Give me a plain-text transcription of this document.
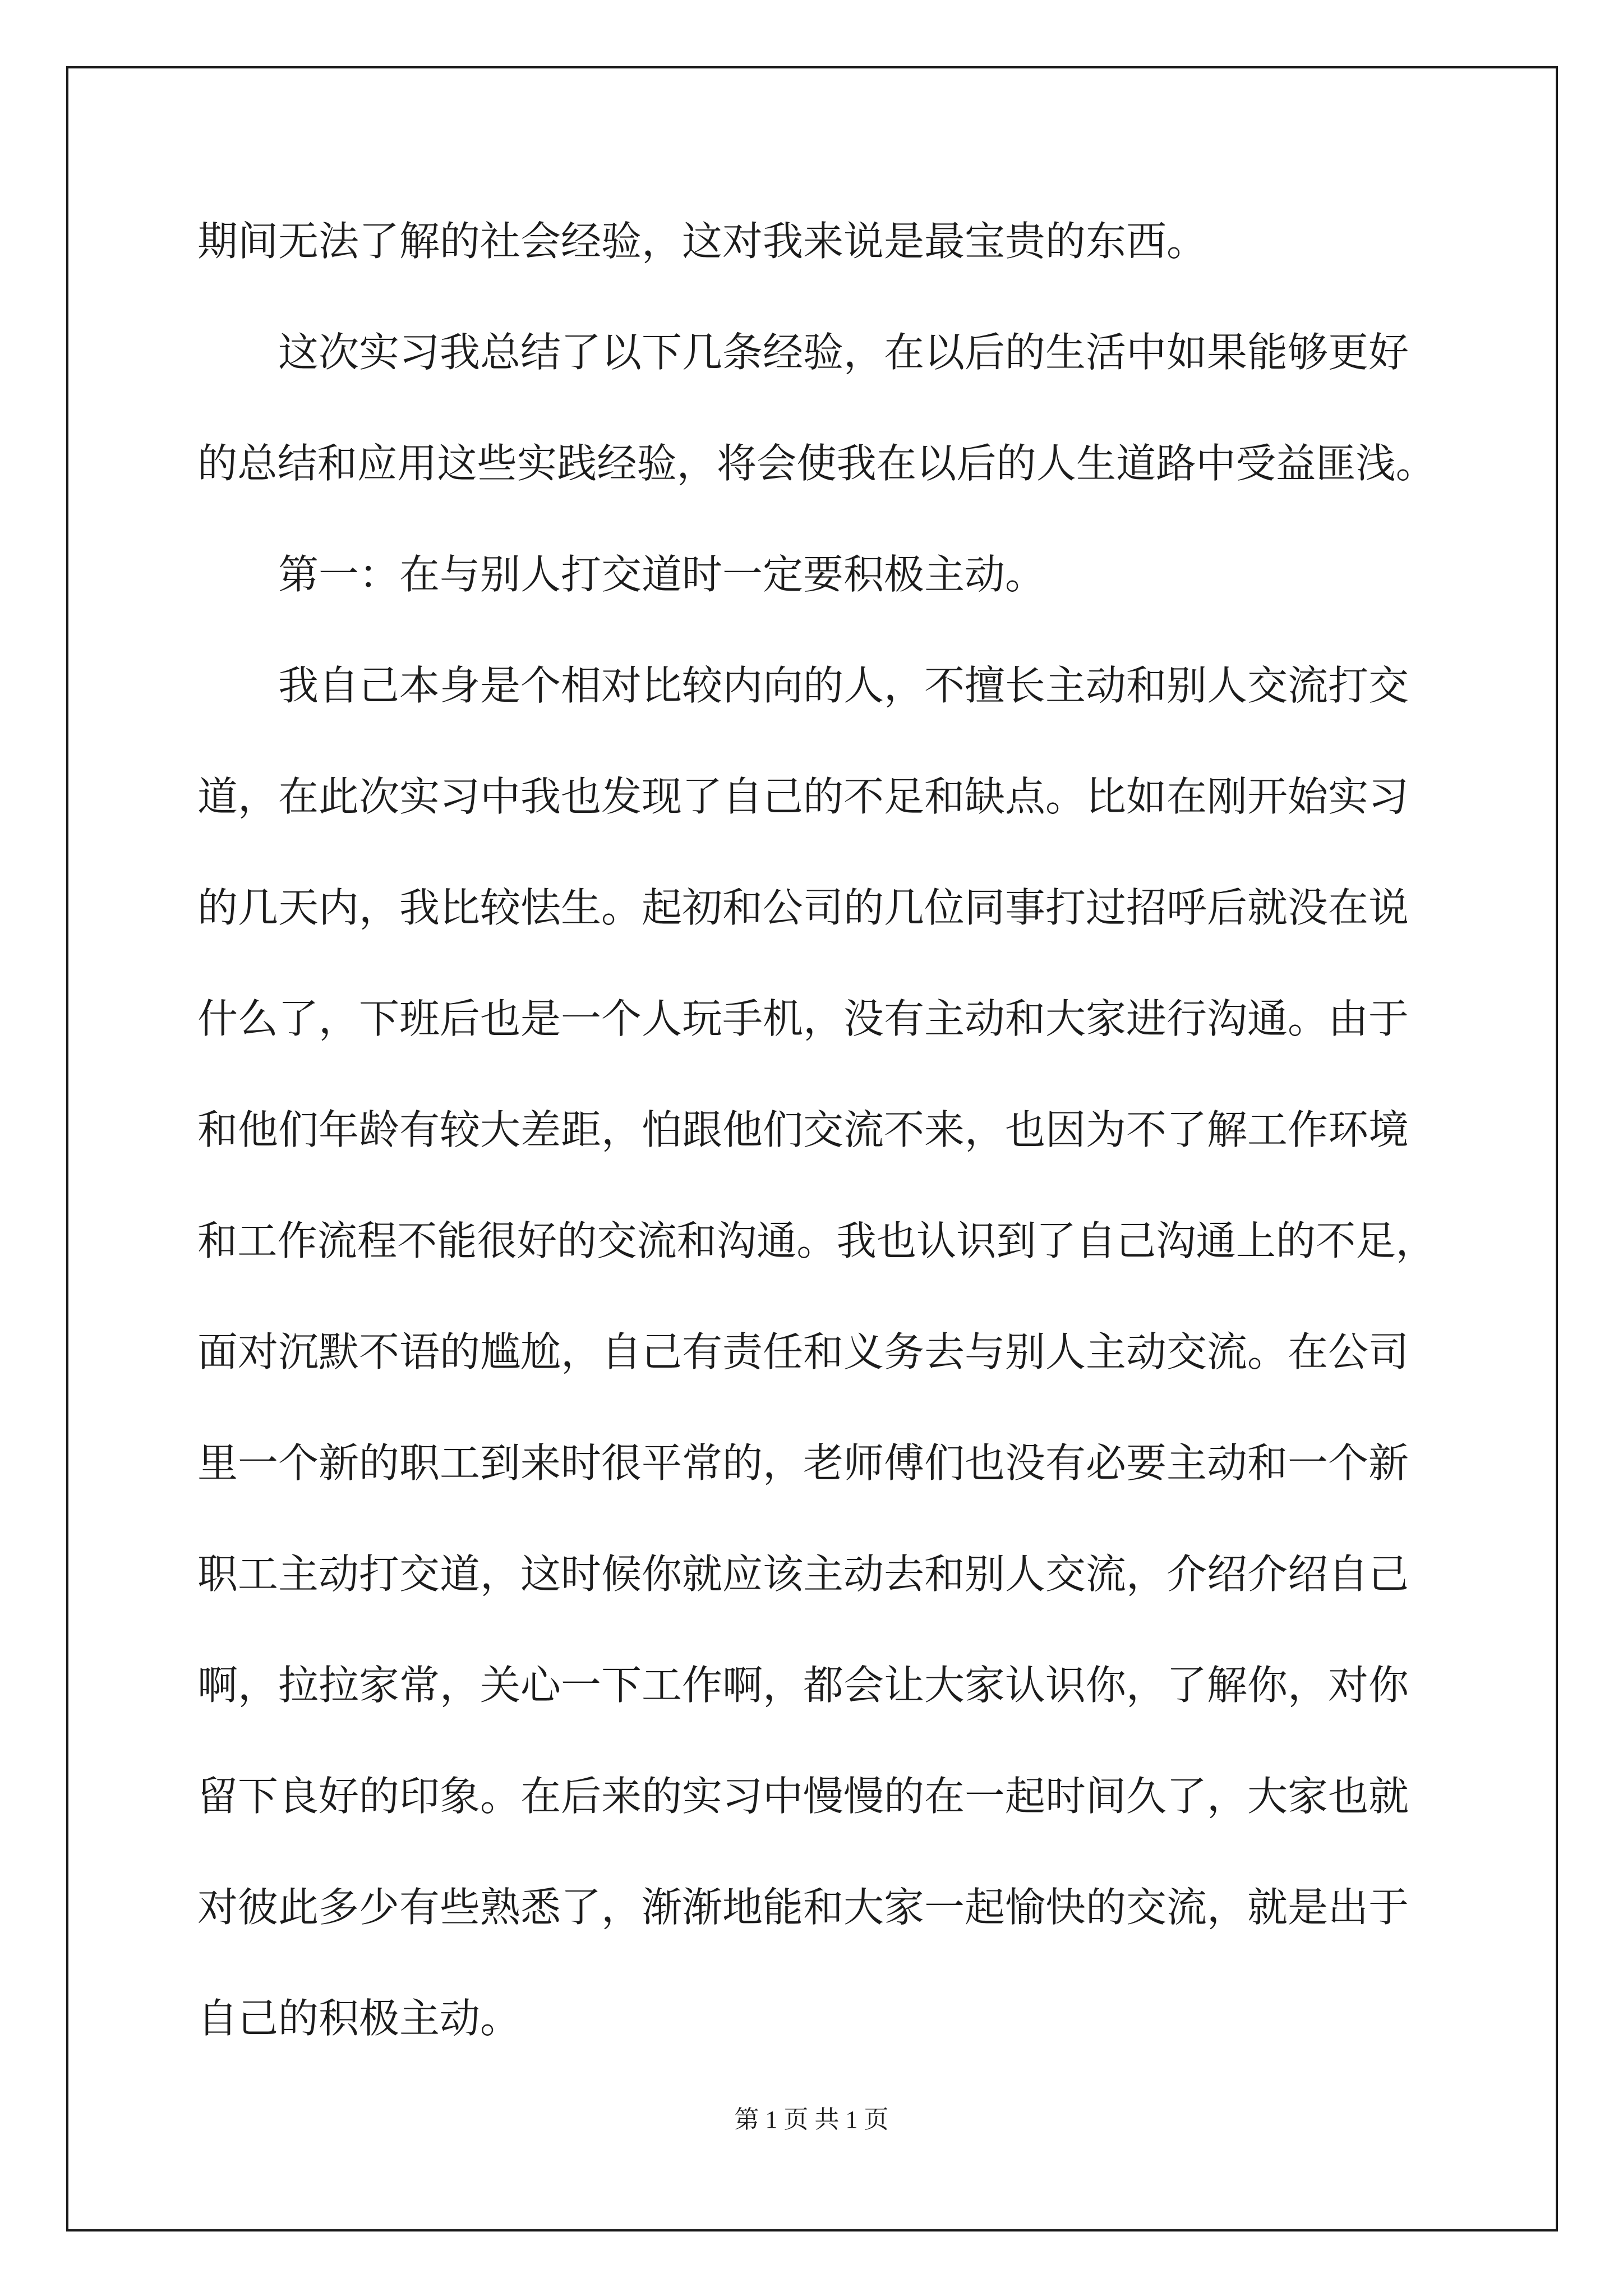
期间无法了解的社会经验，这对我来说是最宝贵的东西。
这次实习我总结了以下几条经验，在以后的生活中如果能够更好
的总结和应用这些实践经验，将会使我在以后的人生道路中受益匪浅。
第一：在与别人打交道时一定要积极主动。
我自己本身是个相对比较内向的人，不擅长主动和别人交流打交
道，在此次实习中我也发现了自己的不足和缺点。比如在刚开始实习
的几天内，我比较怯生。起初和公司的几位同事打过招呼后就没在说
什么了，下班后也是一个人玩手机，没有主动和大家进行沟通。由于
和他们年龄有较大差距，怕跟他们交流不来，也因为不了解工作环境
和工作流程不能很好的交流和沟通。我也认识到了自己沟通上的不足，
面对沉默不语的尴尬，自己有责任和义务去与别人主动交流。在公司
里一个新的职工到来时很平常的，老师傅们也没有必要主动和一个新
职工主动打交道，这时候你就应该主动去和别人交流，介绍介绍自己
啊，拉拉家常，关心一下工作啊，都会让大家认识你，了解你，对你
留下良好的印象。在后来的实习中慢慢的在一起时间久了，大家也就
对彼此多少有些熟悉了，渐渐地能和大家一起愉快的交流，就是出于
自己的积极主动。
第 1 页 共 1 页
